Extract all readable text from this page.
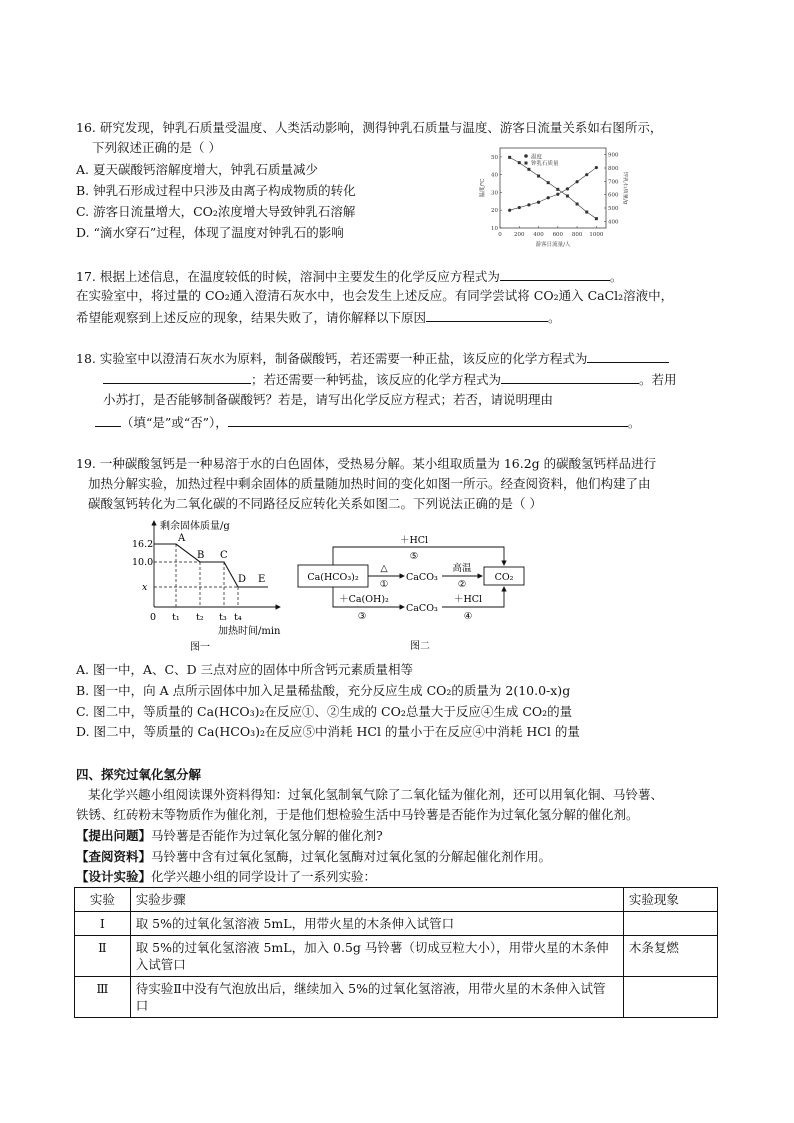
16. 研究发现，钟乳石质量受温度、人类活动影响，测得钟乳石质量与温度、游客日流量关系如右图所示，
下列叙述正确的是（ ）
A. 夏天碳酸钙溶解度增大，钟乳石质量减少
B. 钟乳石形成过程中只涉及由离子构成物质的转化
C. 游客日流量增大，CO₂浓度增大导致钟乳石溶解
D. “滴水穿石”过程，体现了温度对钟乳石的影响	10
20
30
40
50
400
500
600
700
800
900
0 200 400 600 800 1000
温度
钟乳石质量
温度/℃	钟乳石质量/g
游客日流量/人
17. 根据上述信息，在温度较低的时候，溶洞中主要发生的化学反应方程式为	。
在实验室中，将过量的 CO₂通入澄清石灰水中，也会发生上述反应。有同学尝试将 CO₂通入 CaCl₂溶液中，
希望能观察到上述反应的现象，结果失败了，请你解释以下原因	。
18. 实验室中以澄清石灰水为原料，制备碳酸钙，若还需要一种正盐，该反应的化学方程式为
；若还需要一种钙盐，该反应的化学方程式为	。若用
小苏打，是否能够制备碳酸钙？若是，请写出化学反应方程式；若否，请说明理由
（填“是”或“否”），	。
19. 一种碳酸氢钙是一种易溶于水的白色固体，受热易分解。某小组取质量为 16.2g 的碳酸氢钙样品进行
加热分解实验，加热过程中剩余固体的质量随加热时间的变化如图一所示。经查阅资料，他们构建了由
碳酸氢钙转化为二氧化碳的不同路径反应转化关系如图二。下列说法正确的是（ ）
剩余固体质量/g
16.2
10.0
x
A
B C
D E
0 t₁ t₂ t₃ t₄
加热时间/min
图一
Ca(HCO₃)₂	CO₂
＋HCl
⑤
△
①
CaCO₃
高温
②
＋Ca(OH)₂
③
CaCO₃
＋HCl
④
图二
A. 图一中，A、C、D 三点对应的固体中所含钙元素质量相等
B. 图一中，向 A 点所示固体中加入足量稀盐酸，充分反应生成 CO₂的质量为 2(10.0-x)g
C. 图二中，等质量的 Ca(HCO₃)₂在反应①、②生成的 CO₂总量大于反应④生成 CO₂的量
D. 图二中，等质量的 Ca(HCO₃)₂在反应⑤中消耗 HCl 的量小于在反应④中消耗 HCl 的量
四、探究过氧化氢分解
某化学兴趣小组阅读课外资料得知：过氧化氢制氧气除了二氧化锰为催化剂，还可以用氧化铜、马铃薯、
铁锈、红砖粉末等物质作为催化剂，于是他们想检验生活中马铃薯是否能作为过氧化氢分解的催化剂。
【提出问题】马铃薯是否能作为过氧化氢分解的催化剂?
【查阅资料】马铃薯中含有过氧化氢酶，过氧化氢酶对过氧化氢的分解起催化剂作用。
【设计实验】化学兴趣小组的同学设计了一系列实验：
实验	实验步骤	实验现象
Ⅰ	取 5%的过氧化氢溶液 5mL，用带火星的木条伸入试管口	
Ⅱ	取 5%的过氧化氢溶液 5mL，加入 0.5g 马铃薯（切成豆粒大小），用带火星的木条伸入试管口	木条复燃
Ⅲ	待实验Ⅱ中没有气泡放出后，继续加入 5%的过氧化氢溶液，用带火星的木条伸入试管口	
